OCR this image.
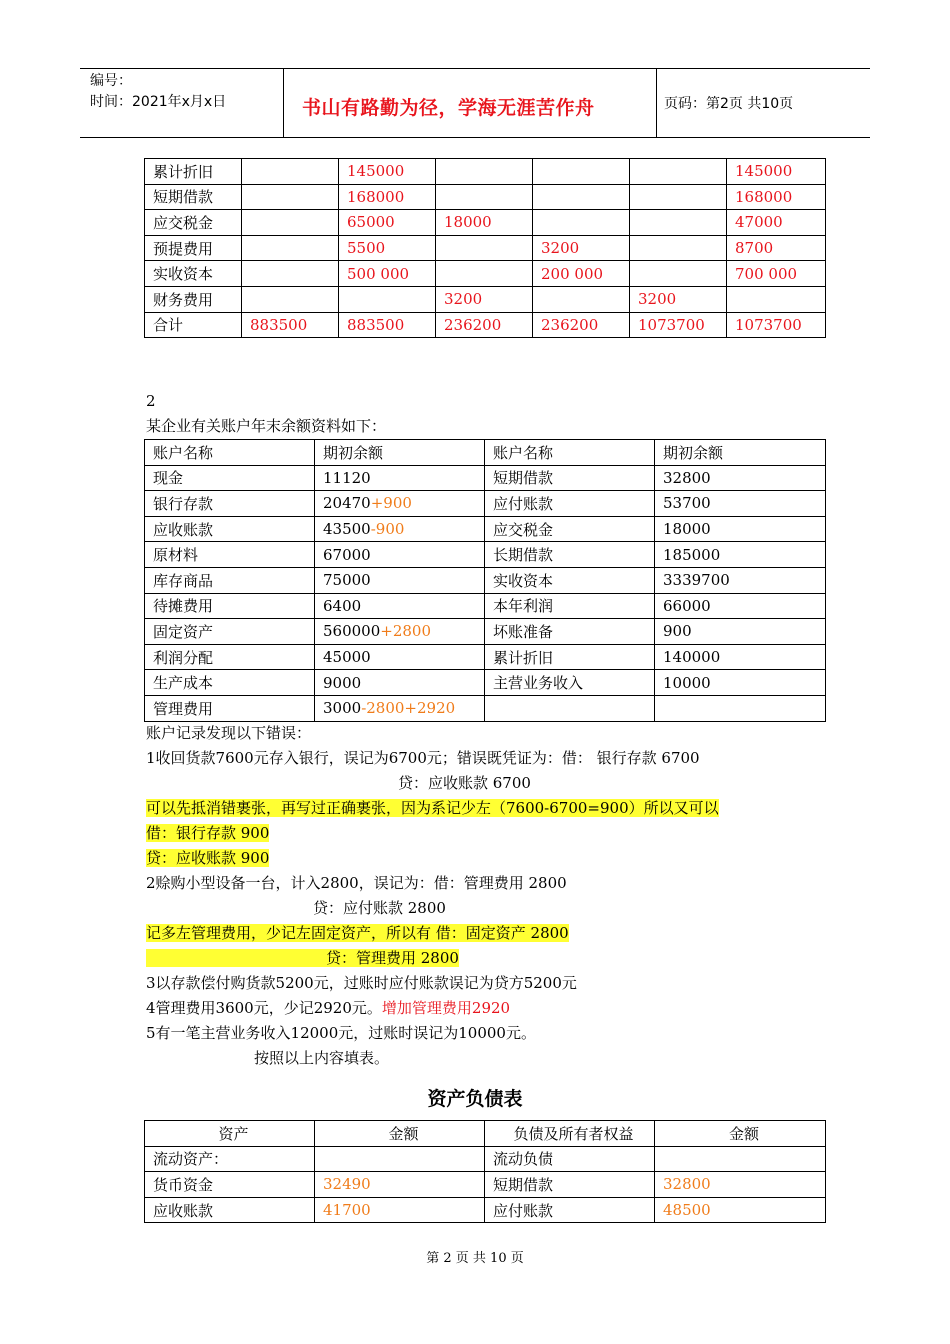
编号：
时间：2021年x月x日	书山有路勤为径，学海无涯苦作舟	页码：第2页 共10页
累计折旧		145000				145000
短期借款		168000				168000
应交税金		65000	18000			47000
预提费用		5500		3200		8700
实收资本		500 000		200 000		700 000
财务费用			3200		3200	
合计	883500	883500	236200	236200	1073700	1073700
2
某企业有关账户年末余额资料如下：
账户名称	期初余额	账户名称	期初余额
现金	11120	短期借款	32800
银行存款	20470+900	应付账款	53700
应收账款	43500-900	应交税金	18000
原材料	67000	长期借款	185000
库存商品	75000	实收资本	3339700
待摊费用	6400	本年利润	66000
固定资产	560000+2800	坏账准备	900
利润分配	45000	累计折旧	140000
生产成本	9000	主营业务收入	10000
管理费用	3000-2800+2920		
账户记录发现以下错误：
1收回货款7600元存入银行，误记为6700元；错误既凭证为：借： 银行存款 6700
贷：应收账款 6700
可以先抵消错裹张，再写过正确裹张，因为系记少左（7600-6700=900）所以又可以
借：银行存款 900
贷：应收账款 900
2赊购小型设备一台，计入2800，误记为：借：管理费用 2800
贷：应付账款 2800
记多左管理费用，少记左固定资产，所以有 借：固定资产 2800
贷：管理费用 2800
3以存款偿付购货款5200元，过账时应付账款误记为贷方5200元
4管理费用3600元，少记2920元。增加管理费用2920
5有一笔主营业务收入12000元，过账时误记为10000元。
按照以上内容填表。
资产负债表
资产	金额	负债及所有者权益	金额
流动资产：		流动负债	
货币资金	32490	短期借款	32800
应收账款	41700	应付账款	48500
第 2 页 共 10 页
